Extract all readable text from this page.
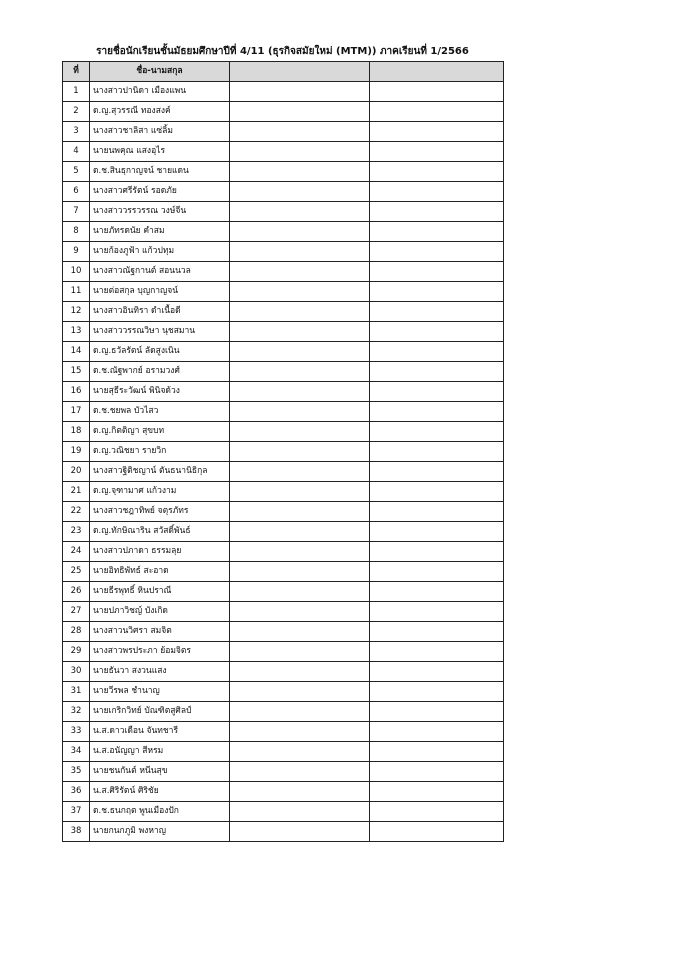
รายชื่อนักเรียนชั้นมัธยมศึกษาปีที่ 4/11 (ธุรกิจสมัยใหม่ (MTM)) ภาคเรียนที่ 1/2566
ที่	ชื่อ-นามสกุล		
1	นางสาวปานิดา เมืองแพน		
2	ด.ญ.สุวรรณี ทองสงค์		
3	นางสาวชาลิสา แซ่ลิ้ม		
4	นายนพคุณ แสงอุไร		
5	ด.ช.สินธุกาญจน์ ชายแดน		
6	นางสาวศรีรัตน์ รอดภัย		
7	นางสาววรรวรรณ วงษ์จีน		
8	นายภัทรดนัย คำสม		
9	นายก้องภูฟ้า แก้วปทุม		
10	นางสาวณัฐกานต์ สอนนวล		
11	นายต่อสกุล บุญกาญจน์		
12	นางสาวอินทิรา ดำเนื้อดี		
13	นางสาววรรณวิษา นุชสมาน		
14	ด.ญ.ธวัลรัตน์ ลัดสูงเนิน		
15	ด.ช.ณัฐพากย์ อรามวงศ์		
16	นายสุธีระวัฒน์ พินิจด้วง		
17	ด.ช.ชยพล บัวไสว		
18	ด.ญ.กิตติญา สุขบท		
19	ด.ญ.วณิชยา รายวิก		
20	นางสาวฐิติชญาน์ ตันธนานิธิกุล		
21	ด.ญ.จุฑามาศ แก้วงาม		
22	นางสาวชฎาทิพย์ จตุรภัทร		
23	ด.ญ.ทักษิณาริน สวัสดิ์พันธ์		
24	นางสาวปภาดา ธรรมลุย		
25	นายอิทธิพัทธ์ สะอาด		
26	นายธีรพุทธิ์ หินปราณี		
27	นายปภาวิชญ์ บังเกิด		
28	นางสาวนวิศรา สมจิต		
29	นางสาวพรประภา ย้อมจิตร		
30	นายธันวา สงวนแสง		
31	นายวีรพล ชำนาญ		
32	นายเกริกวิทย์ บัณฑิตสูศิลป์		
33	น.ส.ดาวเดือน จันทชารี		
34	น.ส.อนัญญา สีหรม		
35	นายชนกันต์ หนีนสุข		
36	น.ส.ศิริรัตน์ ศิริชัย		
37	ด.ช.ธนกฤต พูนเมืองปัก		
38	นายกนกภูมิ พงหาญ		
